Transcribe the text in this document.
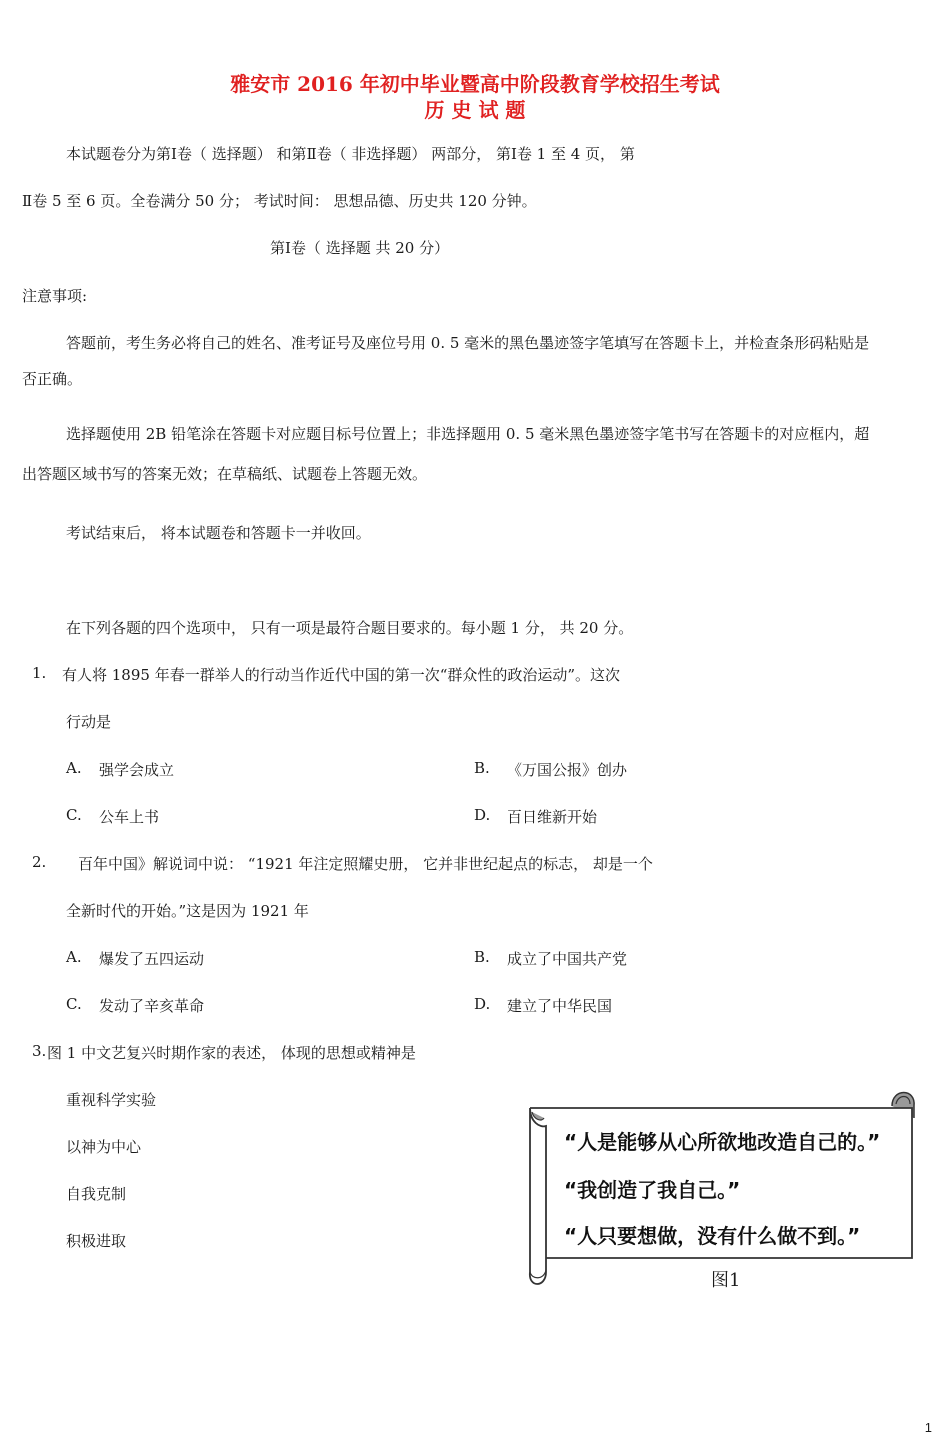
雅安市 2016 年初中毕业暨高中阶段教育学校招生考试
历 史 试 题
本试题卷分为第Ⅰ卷（ 选择题） 和第Ⅱ卷（ 非选择题） 两部分， 第Ⅰ卷 1 至 4 页， 第
Ⅱ卷 5 至 6 页。全卷满分 50 分； 考试时间： 思想品德、历史共 120 分钟。
第Ⅰ卷（ 选择题 共 20 分）
注意事项:
答题前，考生务必将自己的姓名、准考证号及座位号用 0. 5 毫米的黑色墨迹签字笔填写在答题卡上，并检查条形码粘贴是
否正确。
选择题使用 2B 铅笔涂在答题卡对应题目标号位置上；非选择题用 0. 5 毫米黑色墨迹签字笔书写在答题卡的对应框内，超
出答题区域书写的答案无效；在草稿纸、试题卷上答题无效。
考试结束后， 将本试题卷和答题卡一并收回。
在下列各题的四个选项中， 只有一项是最符合题目要求的。每小题 1 分， 共 20 分。
1. 有人将 1895 年春一群举人的行动当作近代中国的第一次“群众性的政治运动”。这次
行动是
A. 强学会成立	B. 《万国公报》创办
C. 公车上书	D. 百日维新开始
2. 百年中国》解说词中说： “1921 年注定照耀史册， 它并非世纪起点的标志， 却是一个
全新时代的开始。”这是因为 1921 年
A. 爆发了五四运动	B. 成立了中国共产党
C. 发动了辛亥革命	D. 建立了中华民国
3. 图 1 中文艺复兴时期作家的表述， 体现的思想或精神是
重视科学实验
以神为中心
自我克制
积极进取
“人是能够从心所欲地改造自己的。”
“我创造了我自己。”
“人只要想做，没有什么做不到。”
图1
1
